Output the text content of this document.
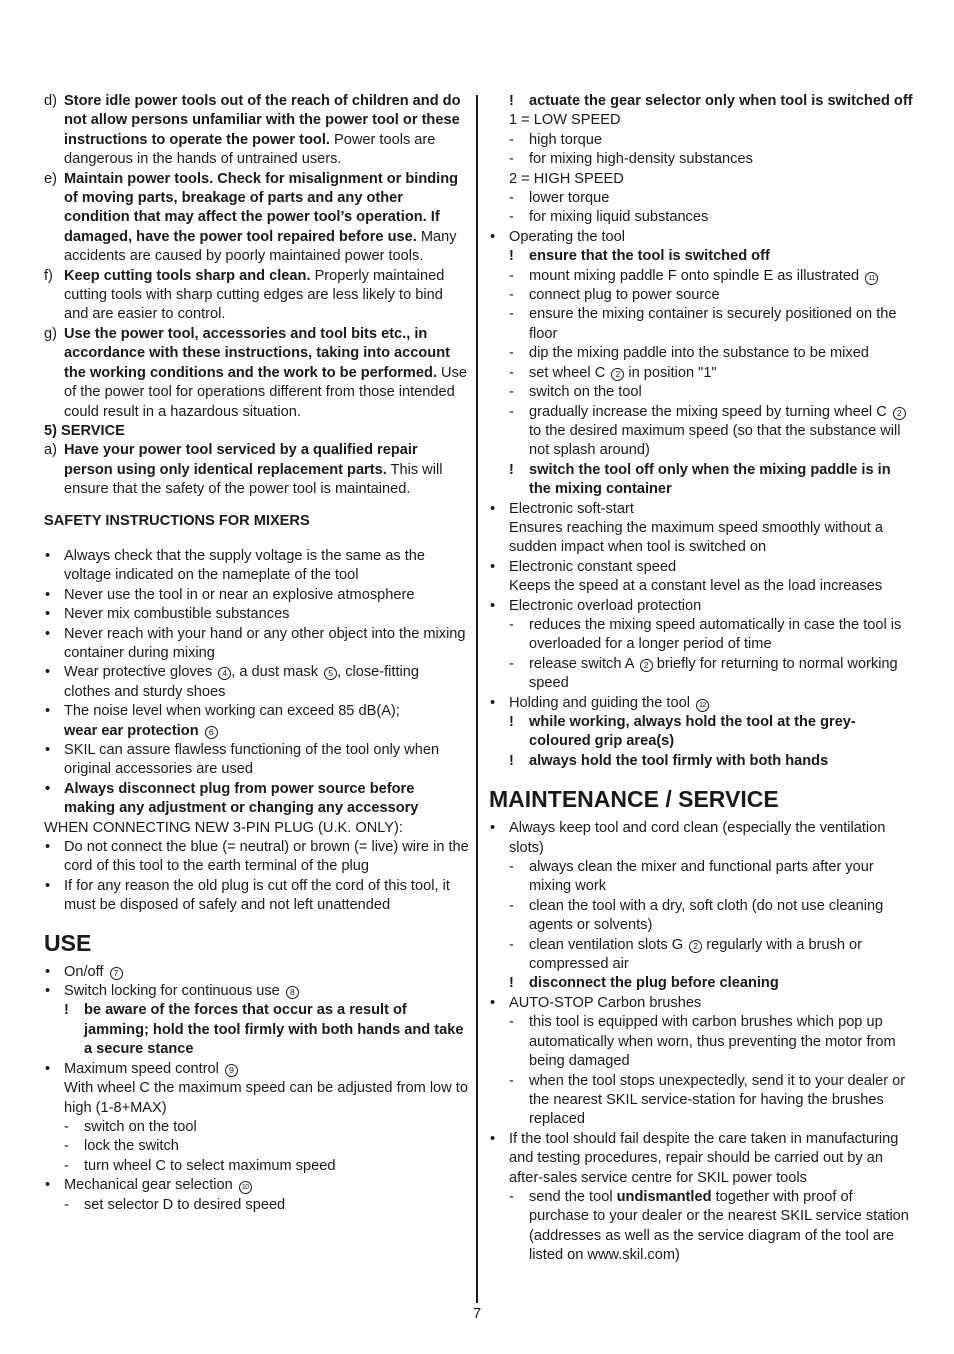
d) Store idle power tools out of the reach of children and do not allow persons unfamiliar with the power tool or these instructions to operate the power tool. Power tools are dangerous in the hands of untrained users.
e) Maintain power tools. Check for misalignment or binding of moving parts, breakage of parts and any other condition that may affect the power tool’s operation. If damaged, have the power tool repaired before use. Many accidents are caused by poorly maintained power tools.
f) Keep cutting tools sharp and clean. Properly maintained cutting tools with sharp cutting edges are less likely to bind and are easier to control.
g) Use the power tool, accessories and tool bits etc., in accordance with these instructions, taking into account the working conditions and the work to be performed. Use of the power tool for operations different from those intended could result in a hazardous situation.

5) SERVICE

a) Have your power tool serviced by a qualified repair person using only identical replacement parts. This will ensure that the safety of the power tool is maintained.

SAFETY INSTRUCTIONS FOR MIXERS

• Always check that the supply voltage is the same as the voltage indicated on the nameplate of the tool
• Never use the tool in or near an explosive atmosphere
• Never mix combustible substances
• Never reach with your hand or any other object into the mixing container during mixing
• Wear protective gloves 4 , a dust mask 5 , close-fitting clothes and sturdy shoes
• The noise level when working can exceed 85 dB(A);
wear ear protection 6
• SKIL can assure flawless functioning of the tool only when original accessories are used
• Always disconnect plug from power source before making any adjustment or changing any accessory

WHEN CONNECTING NEW 3-PIN PLUG (U.K. ONLY):

• Do not connect the blue (= neutral) or brown (= live) wire in the cord of this tool to the earth terminal of the plug
• If for any reason the old plug is cut off the cord of this tool, it must be disposed of safely and not left unattended
USE
• On/off 7
• Switch locking for continuous use 8
! be aware of the forces that occur as a result of jamming; hold the tool firmly with both hands and take a secure stance
• Maximum speed control 9
With wheel C the maximum speed can be adjusted from low to high (1-8+MAX)
- switch on the tool
- lock the switch
- turn wheel C to select maximum speed
• Mechanical gear selection 10
- set selector D to desired speed
! actuate the gear selector only when tool is switched off
1 = LOW SPEED
- high torque
- for mixing high-density substances
2 = HIGH SPEED
- lower torque
- for mixing liquid substances
• Operating the tool
! ensure that the tool is switched off
- mount mixing paddle F onto spindle E as illustrated 11
- connect plug to power source
- ensure the mixing container is securely positioned on the floor
- dip the mixing paddle into the substance to be mixed
- set wheel C 2 in position "1"
- switch on the tool
- gradually increase the mixing speed by turning wheel C 2 to the desired maximum speed (so that the substance will not splash around)
! switch the tool off only when the mixing paddle is in the mixing container
• Electronic soft-start
Ensures reaching the maximum speed smoothly without a sudden impact when tool is switched on
• Electronic constant speed
Keeps the speed at a constant level as the load increases
• Electronic overload protection
- reduces the mixing speed automatically in case the tool is overloaded for a longer period of time
- release switch A 2 briefly for returning to normal working speed
• Holding and guiding the tool 12
! while working, always hold the tool at the grey-coloured grip area(s)
! always hold the tool firmly with both hands
MAINTENANCE / SERVICE
• Always keep tool and cord clean (especially the ventilation slots)
- always clean the mixer and functional parts after your mixing work
- clean the tool with a dry, soft cloth (do not use cleaning agents or solvents)
- clean ventilation slots G 2 regularly with a brush or compressed air
! disconnect the plug before cleaning
• AUTO-STOP Carbon brushes
- this tool is equipped with carbon brushes which pop up automatically when worn, thus preventing the motor from being damaged
- when the tool stops unexpectedly, send it to your dealer or the nearest SKIL service-station for having the brushes replaced
• If the tool should fail despite the care taken in manufacturing and testing procedures, repair should be carried out by an after-sales service centre for SKIL power tools
- send the tool undismantled together with proof of purchase to your dealer or the nearest SKIL service station (addresses as well as the service diagram of the tool are listed on www.skil.com)
7
